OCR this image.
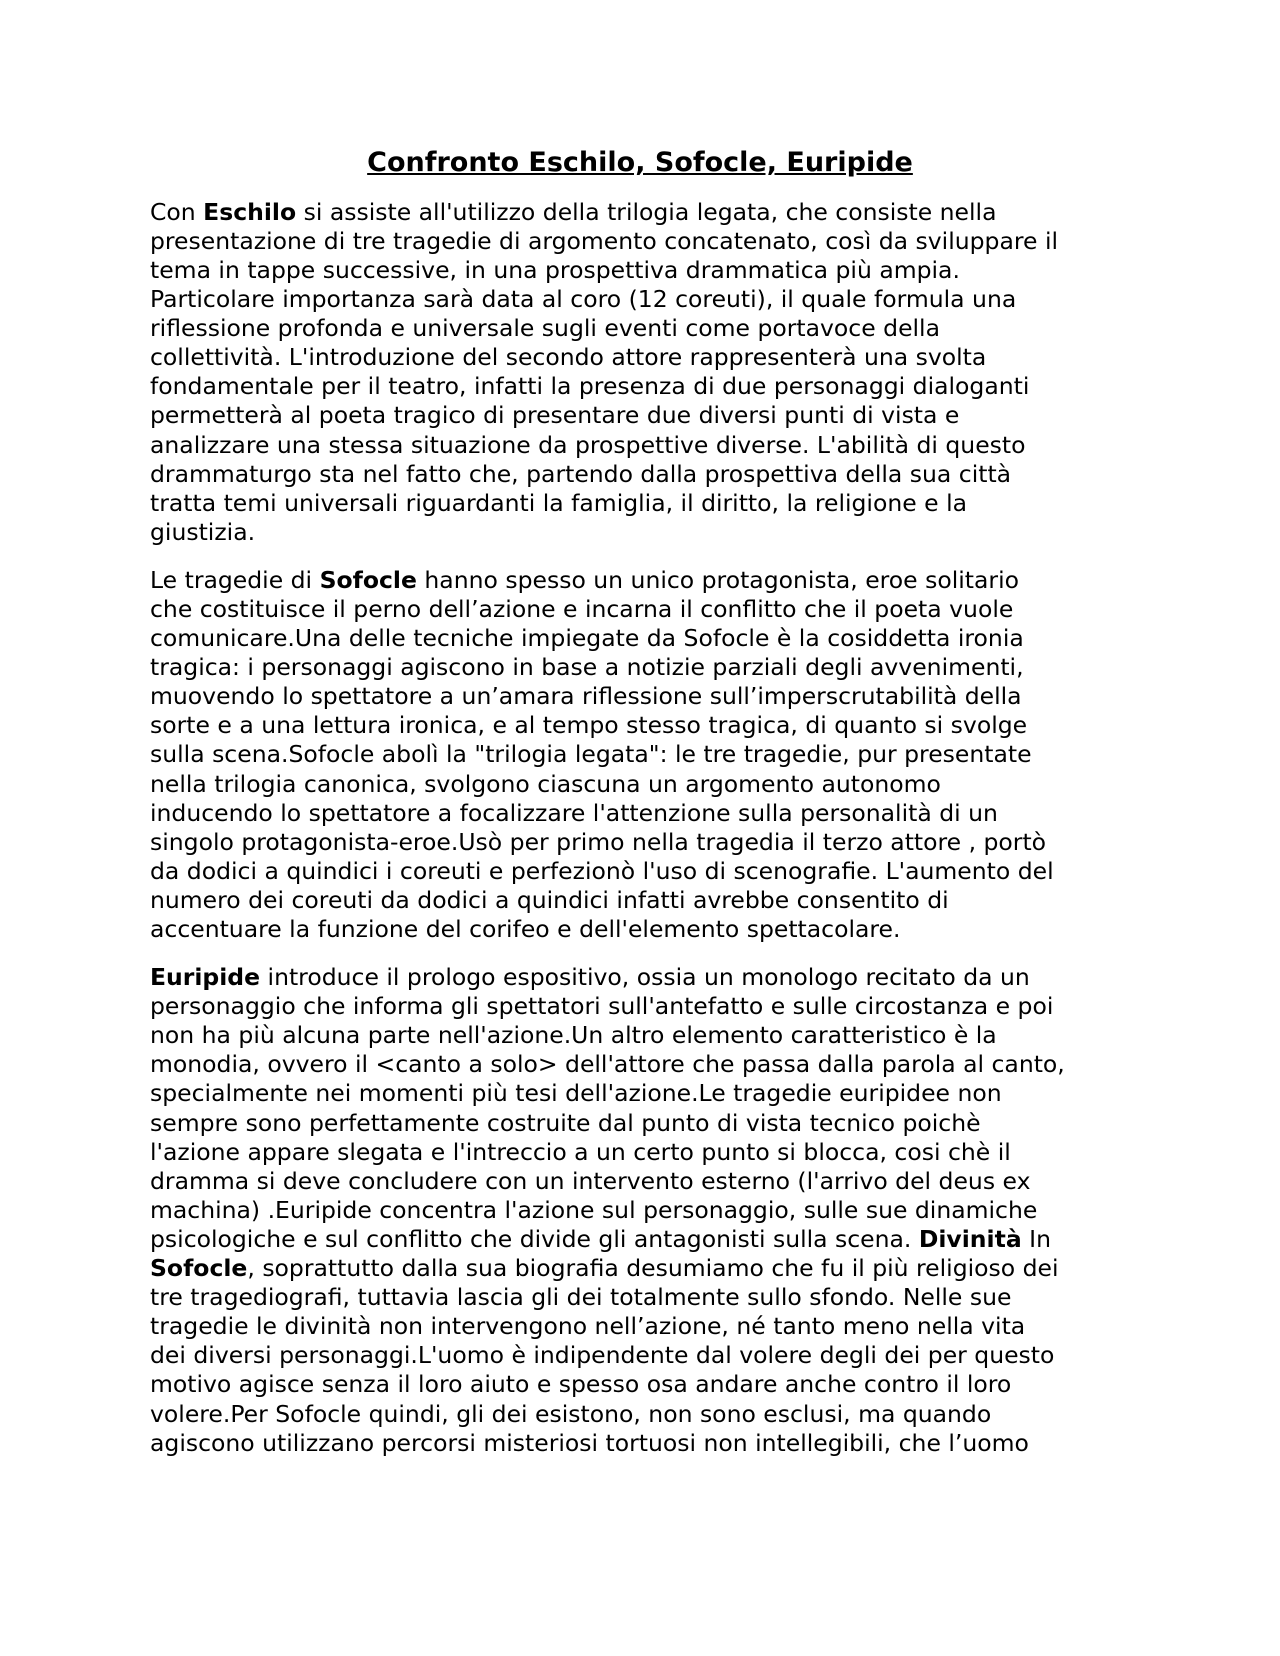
Confronto Eschilo, Sofocle, Euripide

Con Eschilo si assiste all'utilizzo della trilogia legata, che consiste nella
presentazione di tre tragedie di argomento concatenato, così da sviluppare il
tema in tappe successive, in una prospettiva drammatica più ampia.
Particolare importanza sarà data al coro (12 coreuti), il quale formula una
riflessione profonda e universale sugli eventi come portavoce della
collettività. L'introduzione del secondo attore rappresenterà una svolta
fondamentale per il teatro, infatti la presenza di due personaggi dialoganti
permetterà al poeta tragico di presentare due diversi punti di vista e
analizzare una stessa situazione da prospettive diverse. L'abilità di questo
drammaturgo sta nel fatto che, partendo dalla prospettiva della sua città
tratta temi universali riguardanti la famiglia, il diritto, la religione e la
giustizia.

Le tragedie di Sofocle hanno spesso un unico protagonista, eroe solitario
che costituisce il perno dell’azione e incarna il conflitto che il poeta vuole
comunicare.Una delle tecniche impiegate da Sofocle è la cosiddetta ironia
tragica: i personaggi agiscono in base a notizie parziali degli avvenimenti,
muovendo lo spettatore a un’amara riflessione sull’imperscrutabilità della
sorte e a una lettura ironica, e al tempo stesso tragica, di quanto si svolge
sulla scena.Sofocle abolì la "trilogia legata": le tre tragedie, pur presentate
nella trilogia canonica, svolgono ciascuna un argomento autonomo
inducendo lo spettatore a focalizzare l'attenzione sulla personalità di un
singolo protagonista-eroe.Usò per primo nella tragedia il terzo attore , portò
da dodici a quindici i coreuti e perfezionò l'uso di scenografie. L'aumento del
numero dei coreuti da dodici a quindici infatti avrebbe consentito di
accentuare la funzione del corifeo e dell'elemento spettacolare.

Euripide introduce il prologo espositivo, ossia un monologo recitato da un
personaggio che informa gli spettatori sull'antefatto e sulle circostanza e poi
non ha più alcuna parte nell'azione.Un altro elemento caratteristico è la
monodia, ovvero il <canto a solo> dell'attore che passa dalla parola al canto,
specialmente nei momenti più tesi dell'azione.Le tragedie euripidee non
sempre sono perfettamente costruite dal punto di vista tecnico poichè
l'azione appare slegata e l'intreccio a un certo punto si blocca, cosi chè il
dramma si deve concludere con un intervento esterno (l'arrivo del deus ex
machina) .Euripide concentra l'azione sul personaggio, sulle sue dinamiche
psicologiche e sul conflitto che divide gli antagonisti sulla scena. Divinità In
Sofocle, soprattutto dalla sua biografia desumiamo che fu il più religioso dei
tre tragediografi, tuttavia lascia gli dei totalmente sullo sfondo. Nelle sue
tragedie le divinità non intervengono nell’azione, né tanto meno nella vita
dei diversi personaggi.L'uomo è indipendente dal volere degli dei per questo
motivo agisce senza il loro aiuto e spesso osa andare anche contro il loro
volere.Per Sofocle quindi, gli dei esistono, non sono esclusi, ma quando
agiscono utilizzano percorsi misteriosi tortuosi non intellegibili, che l’uomo
